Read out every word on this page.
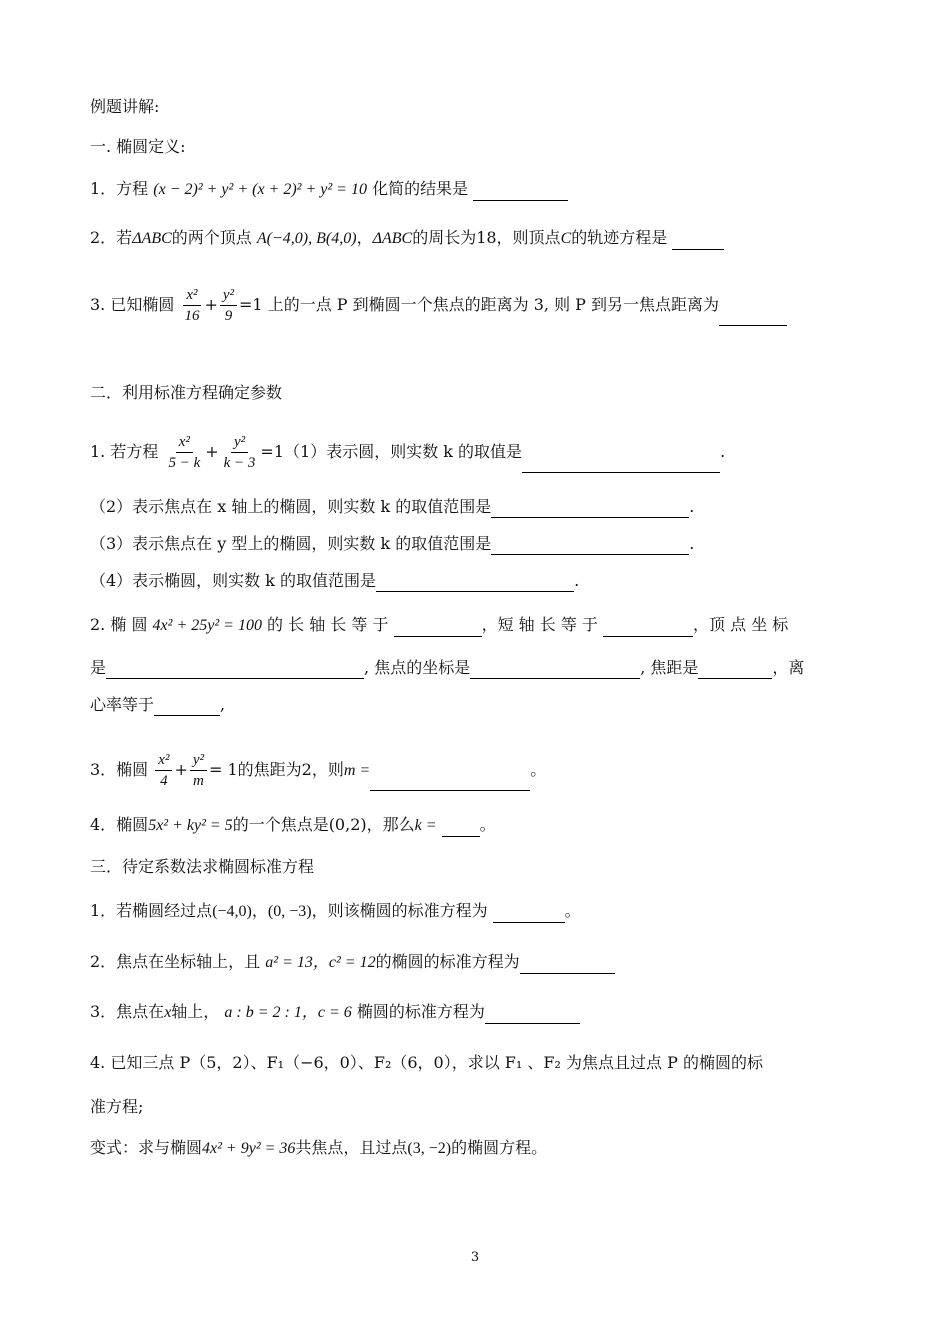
例题讲解:
一. 椭圆定义:
1．方程 (x − 2)² + y² + (x + 2)² + y² = 10 化简的结果是
2．若ΔABC的两个顶点 A(−4,0), B(4,0)，ΔABC的周长为18，则顶点C的轨迹方程是
3. 已知椭圆 $\frac{\text{x²}}{16} + \frac{\text{y²}}{9} =1$ 上的一点 P 到椭圆一个焦点的距离为 3, 则 P 到另一焦点距离为
二．利用标准方程确定参数
1. 若方程 $\frac{\text{x²}}{5 - k} + \frac{\text{y²}}{k - 3} =1(1)$表示圆，则实数 k 的取值是	.
（2）表示焦点在 x 轴上的椭圆，则实数 k 的取值范围是	.
（3）表示焦点在 y 型上的椭圆，则实数 k 的取值范围是	.
（4）表示椭圆，则实数 k 的取值范围是	.
2. 椭 圆 4x² + 25y² = 100 的 长 轴 长 等 于	，短 轴 长 等 于	，顶 点 坐 标
是	, 焦点的坐标是	, 焦距是	，离
心率等于	,
3．椭圆 $\frac{\text{x²}}{4} + \frac{\text{y²}}{m} = 1$的焦距为2，则m =	。
4．椭圆5x² + ky² = 5的一个焦点是(0,2)，那么k =	。
三．待定系数法求椭圆标准方程
1．若椭圆经过点(−4,0)，(0, −3)，则该椭圆的标准方程为	。
2．焦点在坐标轴上，且 a² = 13，c² = 12的椭圆的标准方程为
3．焦点在x轴上， a : b = 2 : 1，c = 6 椭圆的标准方程为
4. 已知三点 P（5，2）、F₁（−6，0）、F₂（6，0），求以 F₁ 、F₂ 为焦点且过点 P 的椭圆的标
准方程;
变式：求与椭圆4x² + 9y² = 36共焦点，且过点(3, −2)的椭圆方程。
3
